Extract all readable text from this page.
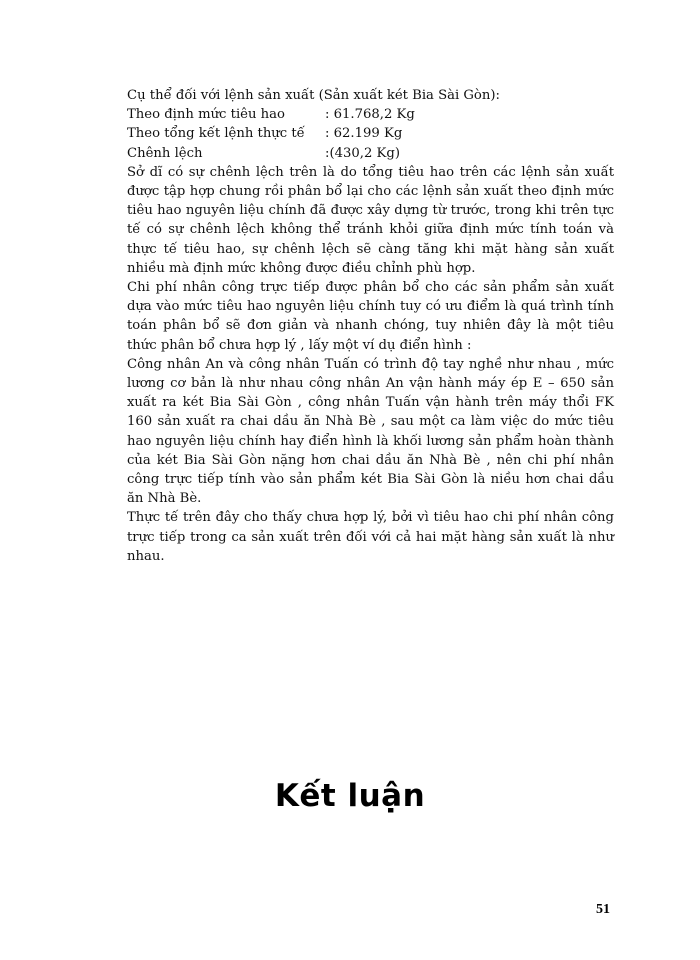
Cụ thể đối với lệnh sản xuất (Sản xuất két Bia Sài Gòn):
Theo định mức tiêu hao	: 61.768,2 Kg
Theo tổng kết lệnh thực tế	: 62.199 Kg
Chênh lệch	:(430,2 Kg)

Sở dĩ có sự chênh lệch trên là do tổng tiêu hao trên các lệnh sản xuất được tập hợp chung rồi phân bổ lại cho các lệnh sản xuất theo định mức tiêu hao nguyên liệu chính đã được xây dựng từ trước, trong khi trên tực tế có sự chênh lệch không thể tránh khỏi giữa định mức tính toán và thực tế tiêu hao, sự chênh lệch sẽ càng tăng khi mặt hàng sản xuất nhiều mà định mức không được điều chỉnh phù hợp.

Chi phí nhân công trực tiếp được phân bổ cho các sản phẩm sản xuất dựa vào mức tiêu hao nguyên liệu chính tuy có ưu điểm là quá trình tính toán phân bổ sẽ đơn giản và nhanh chóng, tuy nhiên đây là một tiêu thức phân bổ chưa hợp lý , lấy một ví dụ điển hình :

Công nhân An và công nhân Tuấn có trình độ tay nghề như nhau , mức lương cơ bản là như nhau công nhân An vận hành máy ép E – 650 sản xuất ra két Bia Sài Gòn , công nhân Tuấn vận hành trên máy thổi FK 160 sản xuất ra chai dầu ăn Nhà Bè , sau một ca làm việc do mức tiêu hao nguyên liệu chính hay điển hình là khối lương sản phẩm hoàn thành của két Bia Sài Gòn nặng hơn chai dầu ăn Nhà Bè , nên chi phí nhân công trực tiếp tính vào sản phẩm két Bia Sài Gòn là niều hơn chai dầu ăn Nhà Bè.

Thực tế trên đây cho thấy chưa hợp lý, bởi vì tiêu hao chi phí nhân công trực tiếp trong ca sản xuất trên đối với cả hai mặt hàng sản xuất là như nhau.

Kết luận
51
